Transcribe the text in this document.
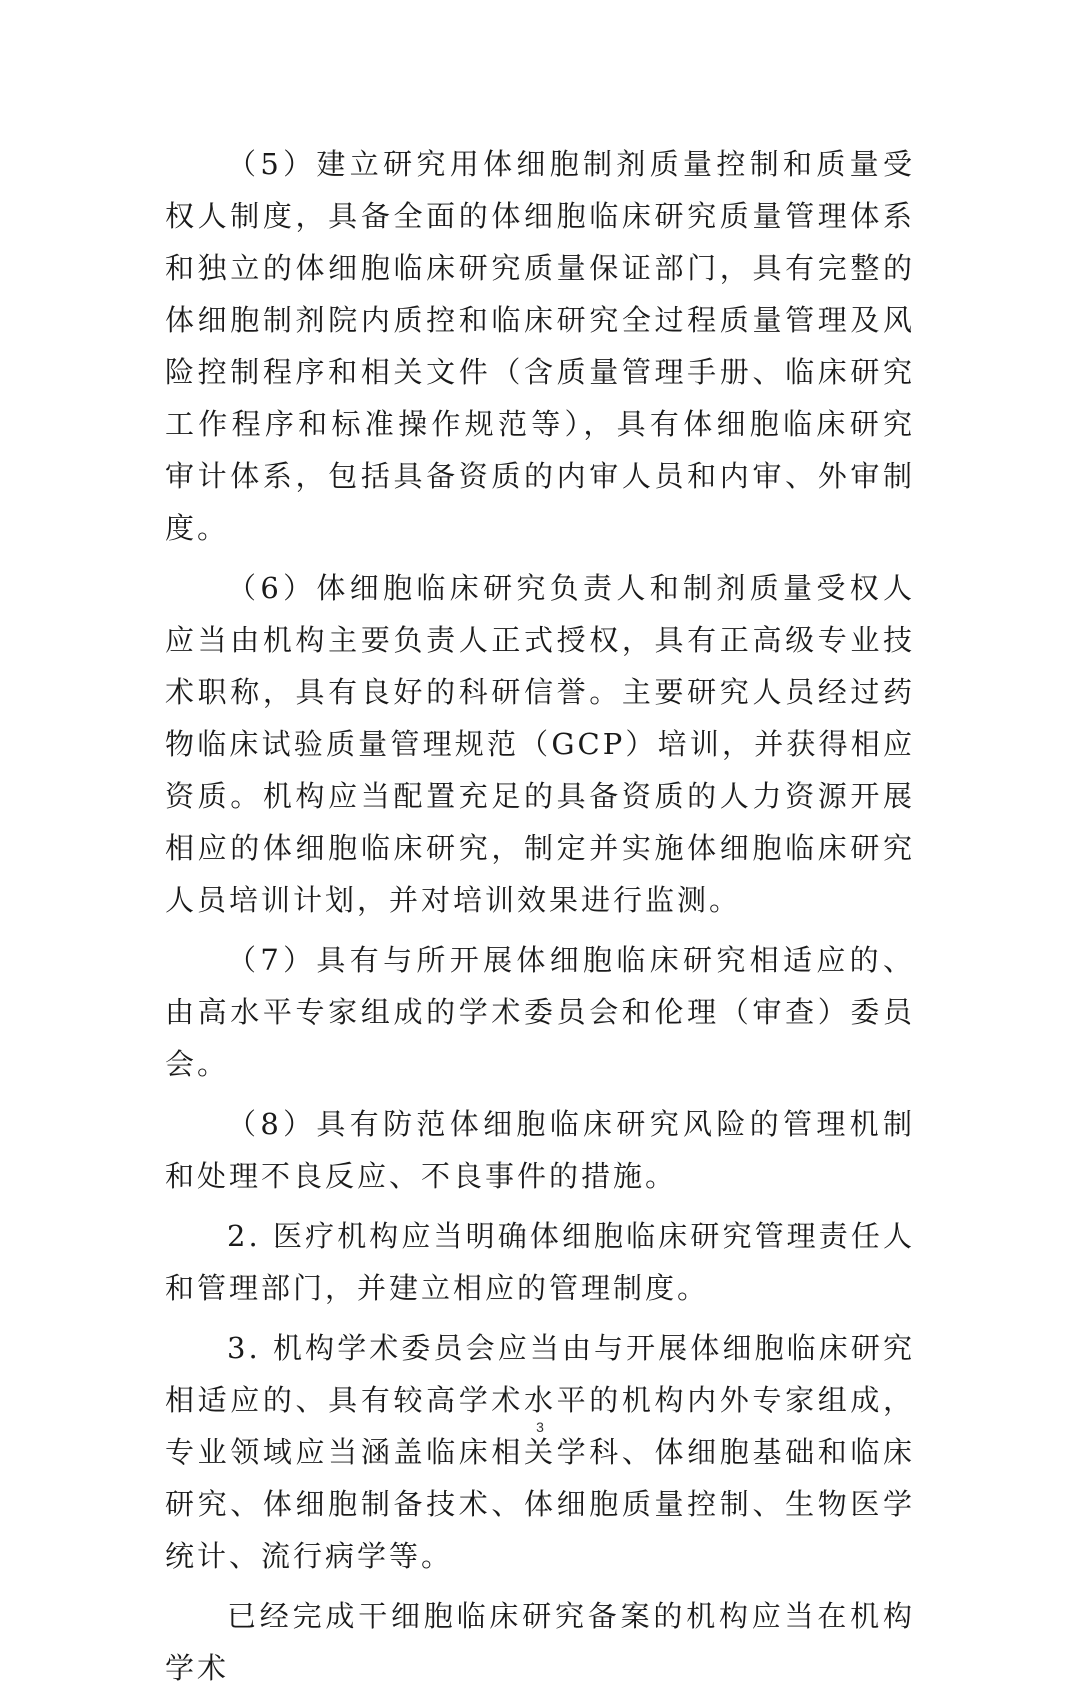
（5）建立研究用体细胞制剂质量控制和质量受权人制度，具备全面的体细胞临床研究质量管理体系和独立的体细胞临床研究质量保证部门，具有完整的体细胞制剂院内质控和临床研究全过程质量管理及风险控制程序和相关文件（含质量管理手册、临床研究工作程序和标准操作规范等），具有体细胞临床研究审计体系，包括具备资质的内审人员和内审、外审制度。

（6）体细胞临床研究负责人和制剂质量受权人应当由机构主要负责人正式授权，具有正高级专业技术职称，具有良好的科研信誉。主要研究人员经过药物临床试验质量管理规范（GCP）培训，并获得相应资质。机构应当配置充足的具备资质的人力资源开展相应的体细胞临床研究，制定并实施体细胞临床研究人员培训计划，并对培训效果进行监测。

（7）具有与所开展体细胞临床研究相适应的、由高水平专家组成的学术委员会和伦理（审查）委员会。

（8）具有防范体细胞临床研究风险的管理机制和处理不良反应、不良事件的措施。

2. 医疗机构应当明确体细胞临床研究管理责任人和管理部门，并建立相应的管理制度。

3. 机构学术委员会应当由与开展体细胞临床研究相适应的、具有较高学术水平的机构内外专家组成，专业领域应当涵盖临床相关学科、体细胞基础和临床研究、体细胞制备技术、体细胞质量控制、生物医学统计、流行病学等。

已经完成干细胞临床研究备案的机构应当在机构学术

3
